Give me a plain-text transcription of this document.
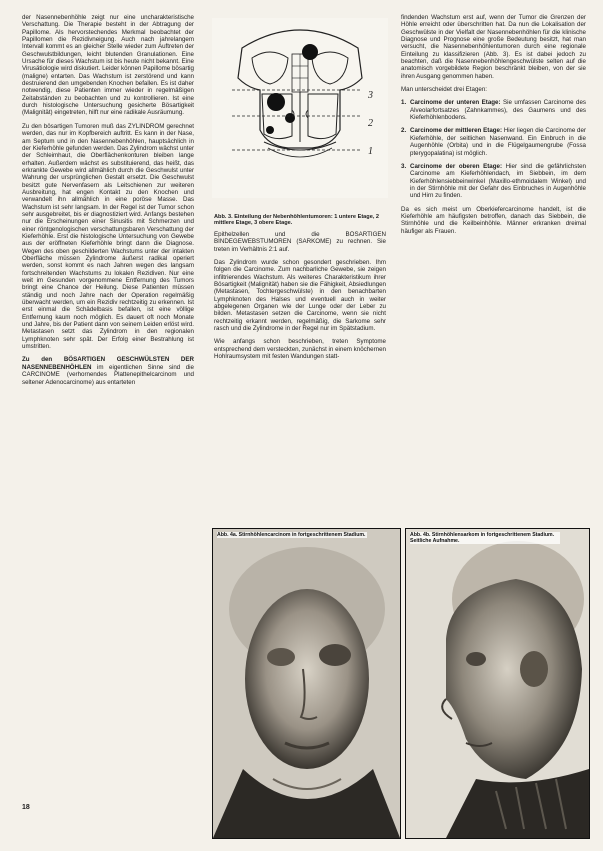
der Nasennebenhöhle zeigt nur eine uncharakteristische Verschattung. Die Therapie besteht in der Abtragung der Papillome. Als hervorstechendes Merkmal beobachtet der Papillomen die Rezidivneigung. Auch nach jahrelangem Intervall kommt es an gleicher Stelle wieder zum Auftreten der Geschwulstbildungen, leicht blutenden Granulationen. Eine Ursache für dieses Wachstum ist bis heute nicht bekannt. Eine Virusätiologie wird diskutiert. Leider können Papillome bösartig (maligne) entarten. Das Wachstum ist zerstörend und kann destruierend den umgebenden Knochen befallen. Es ist daher notwendig, diese Patienten immer wieder in regelmäßigen Zeitabständen zu beobachten und zu kontrollieren. Ist eine durch histologische Untersuchung gesicherte Bösartigkeit (Malignität) eingetreten, hilft nur eine radikale Ausräumung.

Zu den bösartigen Tumoren muß das ZYLINDROM gerechnet werden, das nur im Kopfbereich auftritt. Es kann in der Nase, am Septum und in den Nasennebenhöhlen, hauptsächlich in der Kieferhöhle gefunden werden. Das Zylindrom wächst unter der Schleimhaut, die Oberflächenkonturen bleiben lange erhalten. Außerdem wächst es substituierend, das heißt, das erkrankte Gewebe wird allmählich durch die Geschwulst unter Wahrung der ursprünglichen Gestalt ersetzt. Die Geschwulst besitzt gute Nervenfasern als Leitschienen zur weiteren Ausbreitung, hat engen Kontakt zu den Knochen und verwandelt ihn allmählich in eine poröse Masse. Das Wachstum ist sehr langsam. In der Regel ist der Tumor schon sehr ausgebreitet, bis er diagnostiziert wird. Anfangs bestehen nur die Erscheinungen einer Sinusitis mit Schmerzen und einer röntgenologischen verschattungsbaren Verschattung der Kieferhöhle. Erst die histologische Untersuchung von Gewebe aus der eröffneten Kieferhöhle bringt dann die Diagnose. Wegen des oben geschilderten Wachstums unter der intakten Oberfläche müssen Zylindrome äußerst radikal operiert werden, sonst kommt es nach Jahren wegen des langsam fortschreitenden Wachstums zu lokalen Rezidiven. Nur eine weit im Gesunden vorgenommene Entfernung des Tumors bringt eine Chance der Heilung. Diese Patienten müssen ständig und noch Jahre nach der Operation regelmäßig überwacht werden, um ein Rezidiv rechtzeitig zu erkennen. Ist erst einmal die Schädelbasis befallen, ist eine völlige Entfernung kaum noch möglich. Es dauert oft noch Monate und Jahre, bis der Patient dann von seinem Leiden erlöst wird. Metastasen setzt das Zylindrom in den regionalen Lymphknoten sehr spät. Der Erfolg einer Bestrahlung ist umstritten.

Zu den BÖSARTIGEN GESCHWÜLSTEN DER NASENNEBENHÖHLEN im eigentlichen Sinne sind die CARCINOME (verhornendes Plattenepithelcarcinom und seltener Adenocarcinome) aus entarteten

1
2
3
Abb. 3. Einteilung der Nebenhöhlentumoren: 1 untere Etage, 2 mittlere Etage, 3 obere Etage.

Epithelzellen und die BÖSARTIGEN BINDEGEWEBSTUMOREN (SARKOME) zu rechnen. Sie treten im Verhältnis 2:1 auf.

Das Zylindrom wurde schon gesondert geschrieben. Ihm folgen die Carcinome. Zum nachbarliche Gewebe, sie zeigen infiltrierendes Wachstum. Als weiteres Charakteristikum ihrer Bösartigkeit (Malignität) haben sie die Fähigkeit, Absiedlungen (Metastasen, Tochtergeschwülste) in den benachbarten Lymphknoten des Halses und eventuell auch in weiter abgelegenen Organen wie der Lunge oder der Leber zu bilden. Metastasen setzen die Carcinome, wenn sie nicht rechtzeitig erkannt werden, regelmäßig, die Sarkome sehr rasch und die Zylindrome in der Regel nur im Spätstadium.

Wie anfangs schon beschrieben, treten Symptome entsprechend dem versteckten, zunächst in einem knöchernen Hohlraumsystem mit festen Wandungen statt-

findenden Wachstum erst auf, wenn der Tumor die Grenzen der Höhle erreicht oder überschritten hat. Da nun die Lokalisation der Geschwülste in der Vielfalt der Nasennebenhöhlen für die klinische Diagnose und Prognose eine große Bedeutung besitzt, hat man versucht, die Nasennebenhöhlentumoren durch eine regionale Einteilung zu klassifizieren (Abb. 3). Es ist dabei jedoch zu beachten, daß die Nasennebenhöhlengeschwülste selten auf die anatomisch vorgebildete Region beschränkt bleiben, von der sie ihren Ausgang genommen haben.

Man unterscheidet drei Etagen:

1. Carcinome der unteren Etage: Sie umfassen Carcinome des Alveolarfortsatzes (Zahnkammes), des Gaumens und des Kieferhöhlenbodens.
2. Carcinome der mittleren Etage: Hier liegen die Carcinome der Kieferhöhle, der seitlichen Nasenwand. Ein Einbruch in die Augenhöhle (Orbita) und in die Flügelgaumengrube (Fossa pterygopalatina) ist möglich.
3. Carcinome der oberen Etage: Hier sind die gefährlichsten Carcinome am Kieferhöhlendach, im Siebbein, im dem Kieferhöhlensiebbeinwinkel (Maxillo-ethmoidalem Winkel) und in der Stirnhöhle mit der Gefahr des Einbruches in Augenhöhle und Hirn zu finden.

Da es sich meist um Oberkiefercarcinome handelt, ist die Kieferhöhle am häufigsten betroffen, danach das Siebbein, die Stirnhöhle und die Keilbeinhöhle. Männer erkranken dreimal häufiger als Frauen.

Abb. 4a. Stirnhöhlencarcinom in fortgeschrittenem Stadium.	Abb. 4b. Stirnhöhlensarkom in fortgeschrittenem Stadium. Seitliche Aufnahme.
18
